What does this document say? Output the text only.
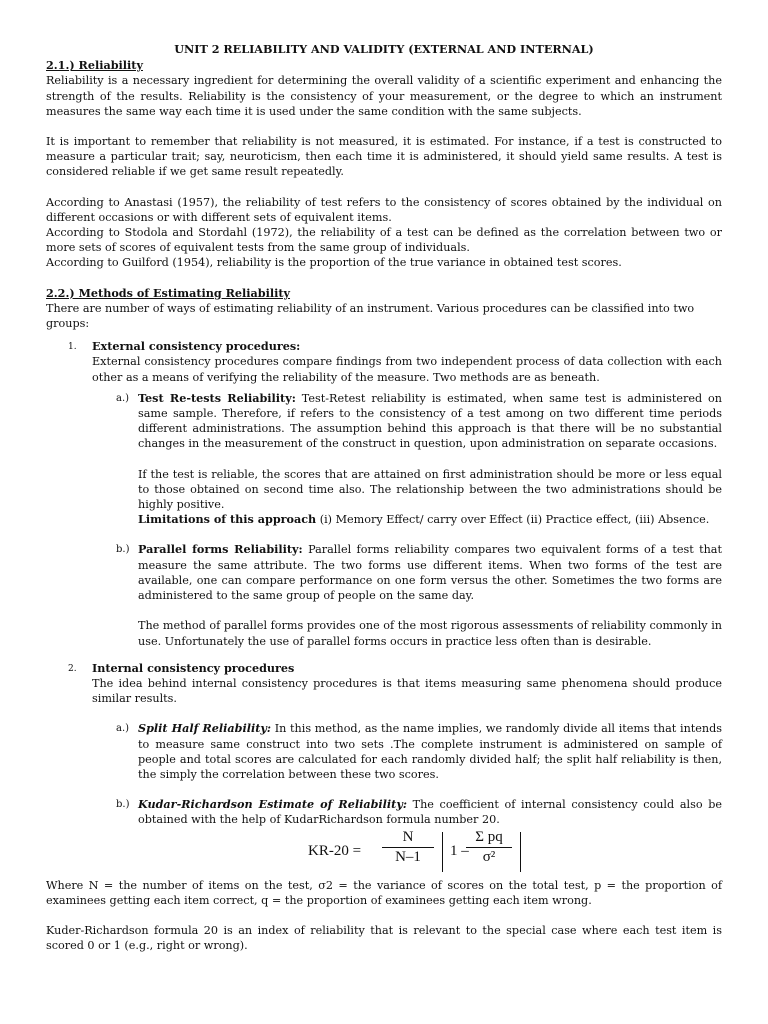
UNIT 2 RELIABILITY AND VALIDITY (EXTERNAL AND INTERNAL)
2.1.) Reliability

Reliability is a necessary ingredient for determining the overall validity of a scientific experiment and enhancing the strength of the results. Reliability is the consistency of your measurement, or the degree to which an instrument measures the same way each time it is used under the same condition with the same subjects.

It is important to remember that reliability is not measured, it is estimated. For instance, if a test is constructed to measure a particular trait; say, neuroticism, then each time it is administered, it should yield same results. A test is considered reliable if we get same result repeatedly.

According to Anastasi (1957), the reliability of test refers to the consistency of scores obtained by the individual on different occasions or with different sets of equivalent items.

According to Stodola and Stordahl (1972), the reliability of a test can be defined as the correlation between two or more sets of scores of equivalent tests from the same group of individuals.

According to Guilford (1954), reliability is the proportion of the true variance in obtained test scores.

2.2.) Methods of Estimating Reliability

There are number of ways of estimating reliability of an instrument. Various procedures can be classified into two groups:

1. External consistency procedures:

External consistency procedures compare findings from two independent process of data collection with each other as a means of verifying the reliability of the measure. Two methods are as beneath.

a.) Test Re-tests Reliability: Test-Retest reliability is estimated, when same test is administered on same sample. Therefore, if refers to the consistency of a test among on two different time periods different administrations. The assumption behind this approach is that there will be no substantial changes in the measurement of the construct in question, upon administration on separate occasions.

If the test is reliable, the scores that are attained on first administration should be more or less equal to those obtained on second time also. The relationship between the two administrations should be highly positive.

Limitations of this approach (i) Memory Effect/ carry over Effect (ii) Practice effect, (iii) Absence.

b.) Parallel forms Reliability: Parallel forms reliability compares two equivalent forms of a test that measure the same attribute. The two forms use different items. When two forms of the test are available, one can compare performance on one form versus the other. Sometimes the two forms are administered to the same group of people on the same day.

The method of parallel forms provides one of the most rigorous assessments of reliability commonly in use. Unfortunately the use of parallel forms occurs in practice less often than is desirable.

2. Internal consistency procedures

The idea behind internal consistency procedures is that items measuring same phenomena should produce similar results.

a.) Split Half Reliability: In this method, as the name implies, we randomly divide all items that intends to measure same construct into two sets .The complete instrument is administered on sample of people and total scores are calculated for each randomly divided half; the split half reliability is then, the simply the correlation between these two scores.

b.) Kudar-Richardson Estimate of Reliability: The coefficient of internal consistency could also be obtained with the help of KudarRichardson formula number 20.

$KR-20 = \frac{N}{N-1} 1$ –
$\frac{\text{Σ pq}}{\text{σ²}}$

Where N = the number of items on the test, σ2 = the variance of scores on the total test, p = the proportion of examinees getting each item correct, q = the proportion of examinees getting each item wrong.

Kuder-Richardson formula 20 is an index of reliability that is relevant to the special case where each test item is scored 0 or 1 (e.g., right or wrong).
